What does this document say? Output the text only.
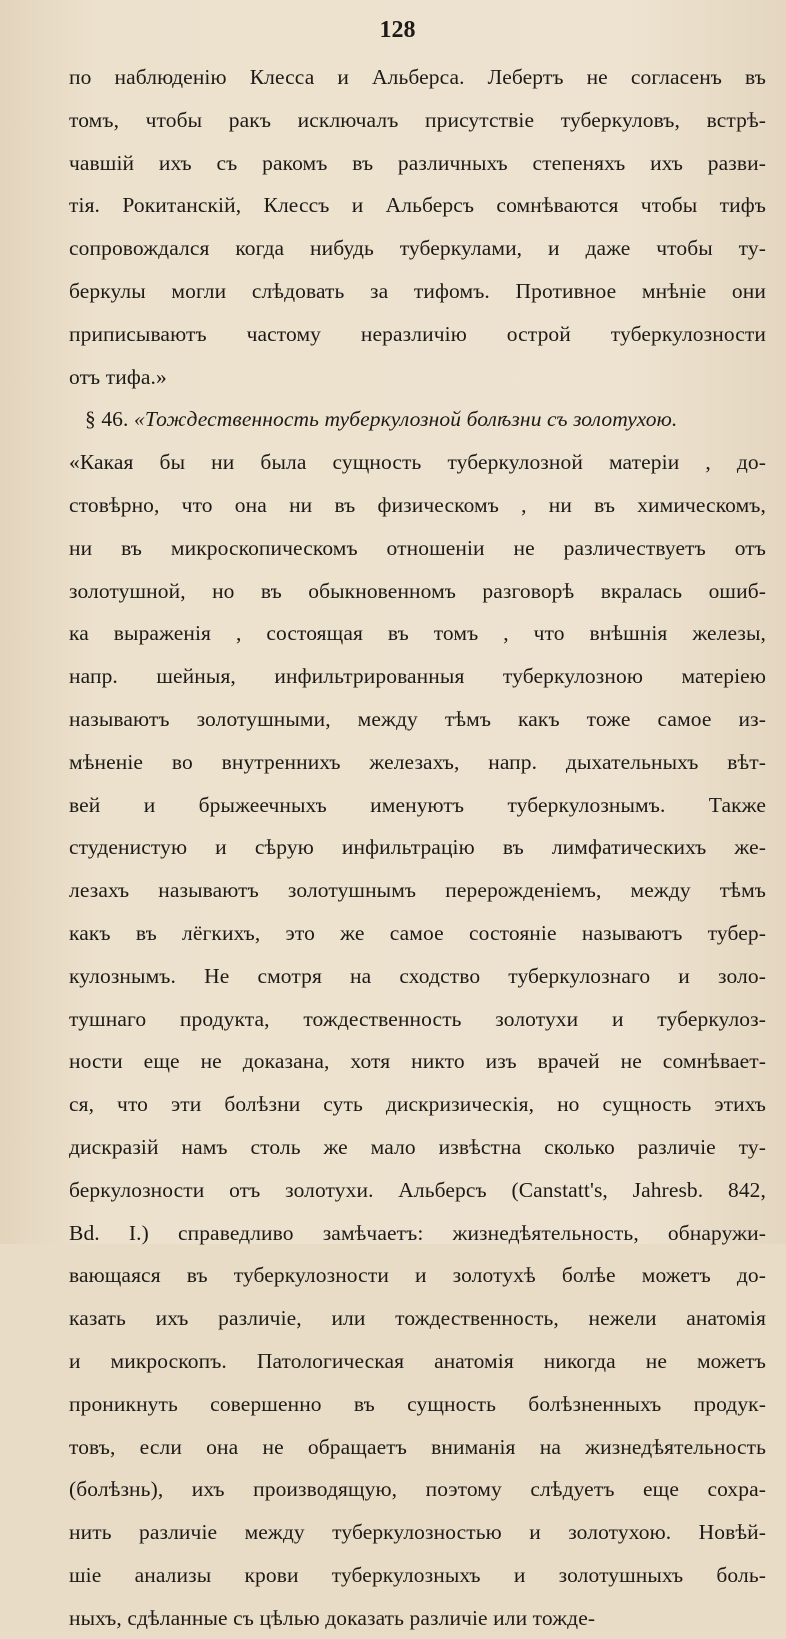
128
по наблюденію Клесса и Альберса. Лебертъ не согласенъ въ
томъ, чтобы ракъ исключалъ присутствіе туберкуловъ, встрѣ-
чавшій ихъ съ ракомъ въ различныхъ степеняхъ ихъ разви-
тія. Рокитанскій, Клессъ и Альберсъ сомнѣваются чтобы тифъ
сопровождался когда нибудь туберкулами, и даже чтобы ту-
беркулы могли слѣдовать за тифомъ. Противное мнѣніе они
приписываютъ частому неразличію острой туберкулозности
отъ тифа.»
§ 46. «Тождественность туберкулозной болѣзни съ золотухою.
«Какая бы ни была сущность туберкулозной матеріи , до-
стовѣрно, что она ни въ физическомъ , ни въ химическомъ,
ни въ микроскопическомъ отношеніи не различествуетъ отъ
золотушной, но въ обыкновенномъ разговорѣ вкралась ошиб-
ка выраженія , состоящая въ томъ , что внѣшнія железы,
напр. шейныя, инфильтрированныя туберкулозною матеріею
называютъ золотушными, между тѣмъ какъ тоже самое из-
мѣненіе во внутреннихъ железахъ, напр. дыхательныхъ вѣт-
вей и брыжеечныхъ именуютъ туберкулознымъ. Также
студенистую и сѣрую инфильтрацію въ лимфатическихъ же-
лезахъ называютъ золотушнымъ перерожденіемъ, между тѣмъ
какъ въ лёгкихъ, это же самое состояніе называютъ тубер-
кулознымъ. Не смотря на сходство туберкулознаго и золо-
тушнаго продукта, тождественность золотухи и туберкулоз-
ности еще не доказана, хотя никто изъ врачей не сомнѣвает-
ся, что эти болѣзни суть дискризическія, но сущность этихъ
дискразій намъ столь же мало извѣстна сколько различіе ту-
беркулозности отъ золотухи. Альберсъ (Canstatt's, Jahresb. 842,
Bd. I.) справедливо замѣчаетъ: жизнедѣятельность, обнаружи-
вающаяся въ туберкулозности и золотухѣ болѣе можетъ до-
казать ихъ различіе, или тождественность, нежели анатомія
и микроскопъ. Патологическая анатомія никогда не можетъ
проникнуть совершенно въ сущность болѣзненныхъ продук-
товъ, если она не обращаетъ вниманія на жизнедѣятельность
(болѣзнь), ихъ производящую, поэтому слѣдуетъ еще сохра-
нить различіе между туберкулозностью и золотухою. Новѣй-
шіе анализы крови туберкулозныхъ и золотушныхъ боль-
ныхъ, сдѣланные съ цѣлью доказать различіе или тожде-
